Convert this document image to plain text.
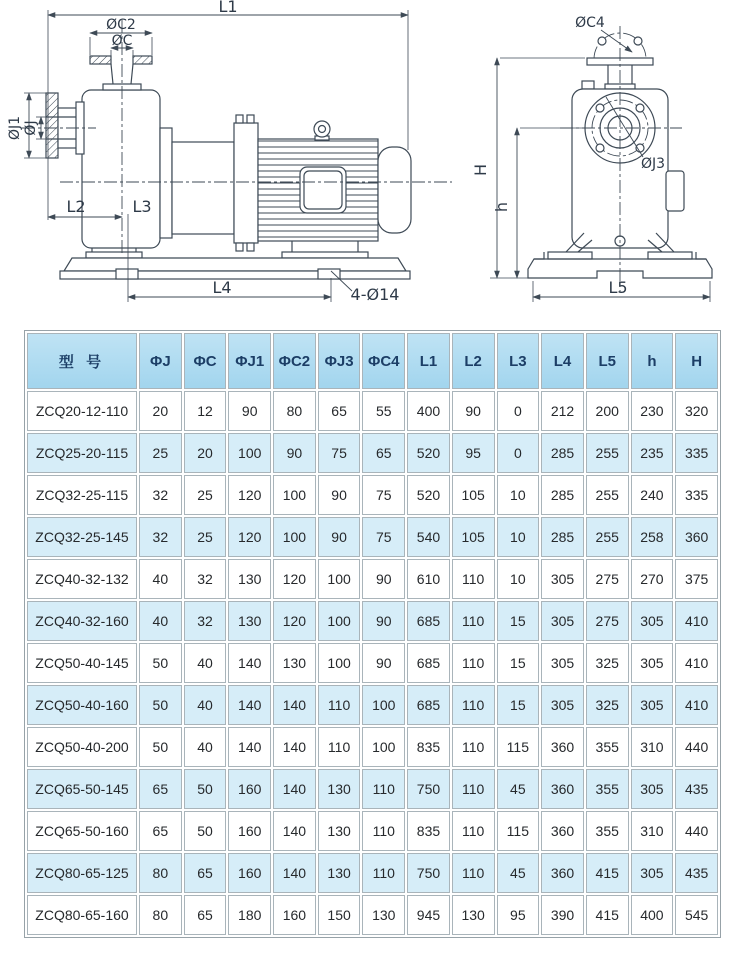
L1
ØC2
ØC
ØJ1 ØJ
L2	L3
L4	4-Ø14
ØJ3
ØC4
H
h
L5
型 号	ΦJ	ΦC	ΦJ1	ΦC2	ΦJ3	ΦC4	L1	L2	L3	L4	L5	h	H
ZCQ20-12-110	20	12	90	80	65	55	400	90	0	212	200	230	320
ZCQ25-20-115	25	20	100	90	75	65	520	95	0	285	255	235	335
ZCQ32-25-115	32	25	120	100	90	75	520	105	10	285	255	240	335
ZCQ32-25-145	32	25	120	100	90	75	540	105	10	285	255	258	360
ZCQ40-32-132	40	32	130	120	100	90	610	110	10	305	275	270	375
ZCQ40-32-160	40	32	130	120	100	90	685	110	15	305	275	305	410
ZCQ50-40-145	50	40	140	130	100	90	685	110	15	305	325	305	410
ZCQ50-40-160	50	40	140	140	110	100	685	110	15	305	325	305	410
ZCQ50-40-200	50	40	140	140	110	100	835	110	115	360	355	310	440
ZCQ65-50-145	65	50	160	140	130	110	750	110	45	360	355	305	435
ZCQ65-50-160	65	50	160	140	130	110	835	110	115	360	355	310	440
ZCQ80-65-125	80	65	160	140	130	110	750	110	45	360	415	305	435
ZCQ80-65-160	80	65	180	160	150	130	945	130	95	390	415	400	545
